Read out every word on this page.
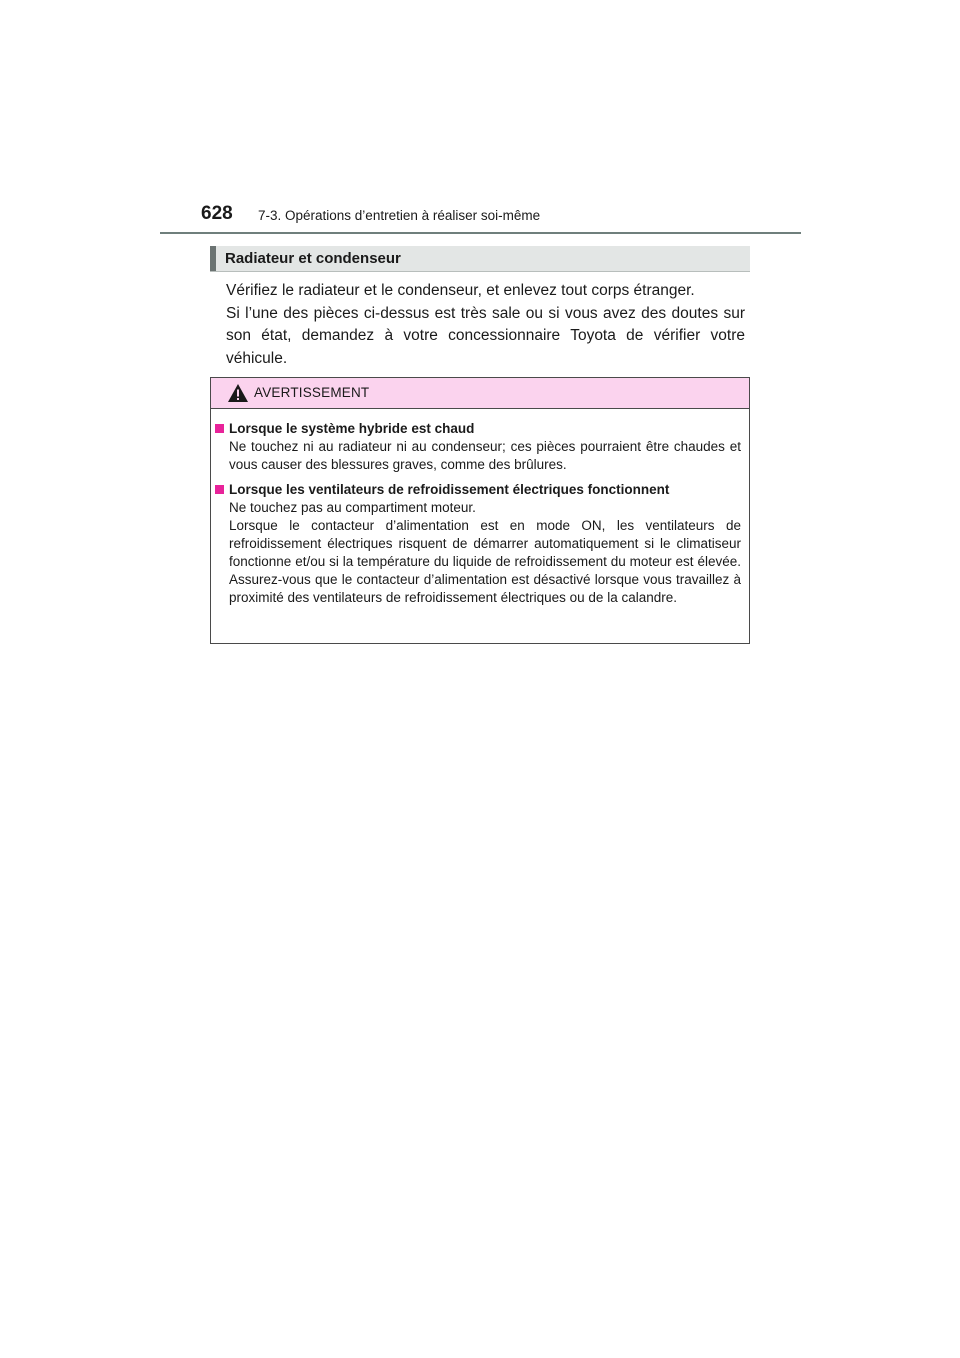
628 7-3. Opérations d’entretien à réaliser soi-même
Radiateur et condenseur

Vérifiez le radiateur et le condenseur, et enlevez tout corps étranger.

Si l’une des pièces ci-dessus est très sale ou si vous avez des doutes sur son état, demandez à votre concessionnaire Toyota de vérifier votre véhicule.

AVERTISSEMENT
Lorsque le système hybride est chaud

Ne touchez ni au radiateur ni au condenseur; ces pièces pourraient être chaudes et vous causer des blessures graves, comme des brûlures.

Lorsque les ventilateurs de refroidissement électriques fonctionnent

Ne touchez pas au compartiment moteur.

Lorsque le contacteur d’alimentation est en mode ON, les ventilateurs de refroidissement électriques risquent de démarrer automatiquement si le climatiseur fonctionne et/ou si la température du liquide de refroidissement du moteur est élevée. Assurez-vous que le contacteur d’alimentation est désactivé lorsque vous travaillez à proximité des ventilateurs de refroidissement électriques ou de la calandre.
